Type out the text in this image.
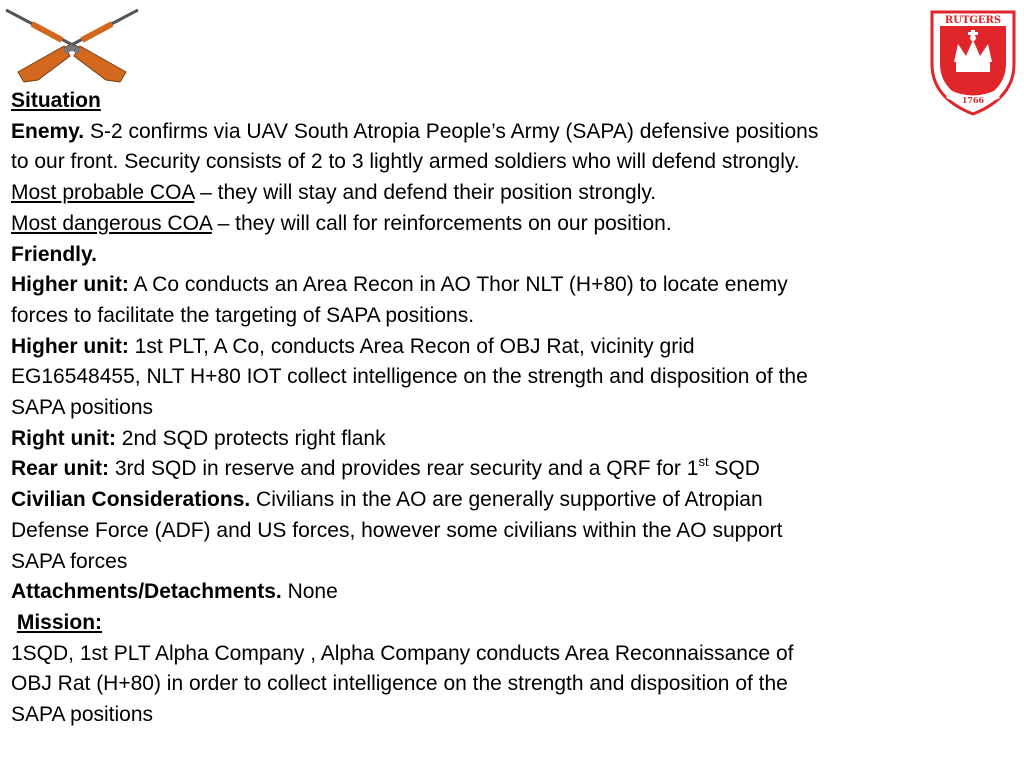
RUTGERS
1766

Situation

Enemy. S-2 confirms via UAV South Atropia People’s Army (SAPA) defensive positions

to our front. Security consists of 2 to 3 lightly armed soldiers who will defend strongly.

Most probable COA – they will stay and defend their position strongly.

Most dangerous COA – they will call for reinforcements on our position.

Friendly.

Higher unit: A Co conducts an Area Recon in AO Thor NLT (H+80) to locate enemy

forces to facilitate the targeting of SAPA positions.

Higher unit: 1st PLT, A Co, conducts Area Recon of OBJ Rat, vicinity grid

EG16548455, NLT H+80 IOT collect intelligence on the strength and disposition of the

SAPA positions

Right unit: 2nd SQD protects right flank

Rear unit: 3rd SQD in reserve and provides rear security and a QRF for 1st SQD

Civilian Considerations. Civilians in the AO are generally supportive of Atropian

Defense Force (ADF) and US forces, however some civilians within the AO support

SAPA forces

Attachments/Detachments. None

Mission:

1SQD, 1st PLT Alpha Company , Alpha Company conducts Area Reconnaissance of

OBJ Rat (H+80) in order to collect intelligence on the strength and disposition of the

SAPA positions
